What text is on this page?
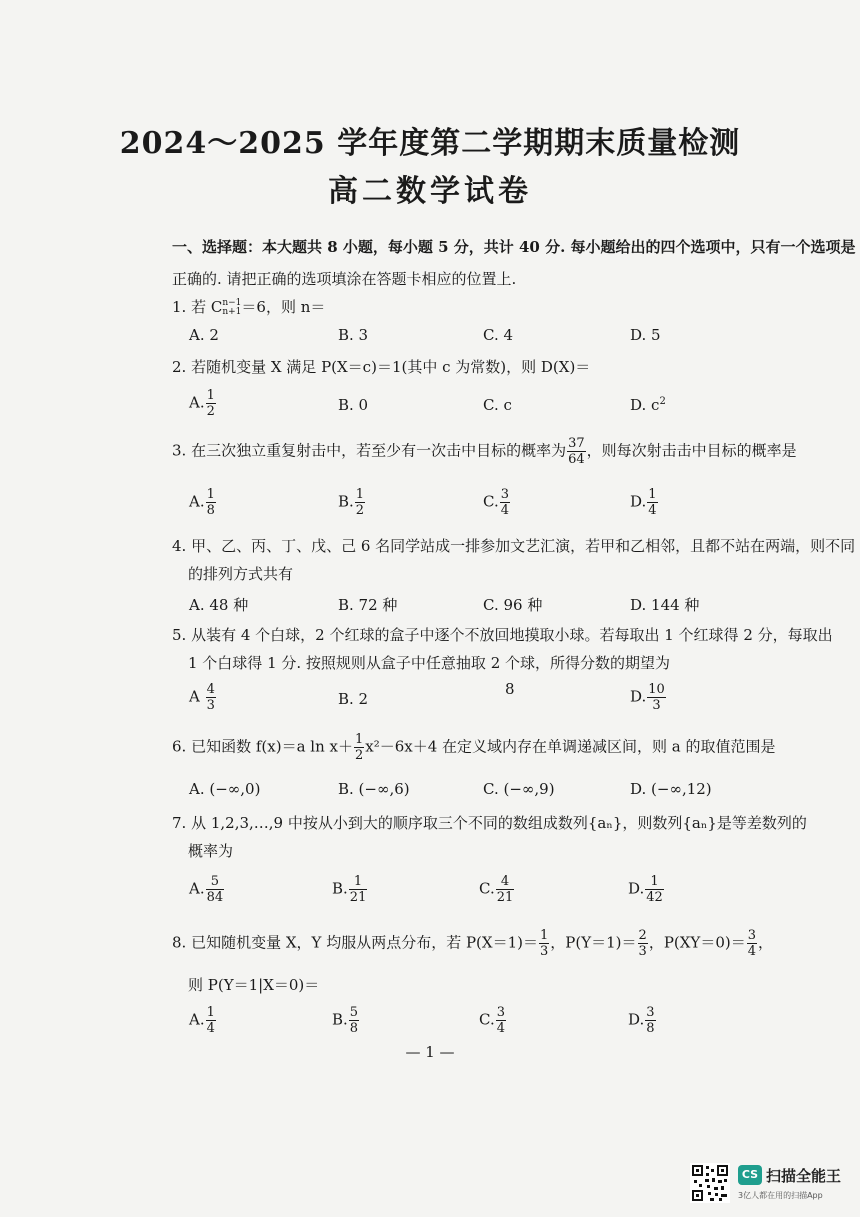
2024～2025 学年度第二学期期末质量检测
高二数学试卷
一、选择题：本大题共 8 小题，每小题 5 分，共计 40 分. 每小题给出的四个选项中，只有一个选项是
正确的. 请把正确的选项填涂在答题卡相应的位置上.
1. 若 C n−1
n+1 ＝6，则 n＝
A. 2	B. 3	C. 4	D. 5
2. 若随机变量 X 满足 P(X＝c)＝1(其中 c 为常数)，则 D(X)＝
A. $\frac{1}{2}$	B. 0	C. c	D. $c^2$
3. 在三次独立重复射击中，若至少有一次击中目标的概率为 $\frac{37}{64}$ ，则每次射击击中目标的概率是
A. $\frac{1}{8}$	B. $\frac{1}{2}$	C. $\frac{3}{4}$	D. $\frac{1}{4}$
4. 甲、乙、丙、丁、戊、己 6 名同学站成一排参加文艺汇演，若甲和乙相邻，且都不站在两端，则不同
的排列方式共有
A. 48 种	B. 72 种	C. 96 种	D. 144 种
5. 从装有 4 个白球，2 个红球的盒子中逐个不放回地摸取小球。若每取出 1 个红球得 2 分，每取出
1 个白球得 1 分. 按照规则从盒子中任意抽取 2 个球，所得分数的期望为
A $\frac{4}{3}$	B. 2
8	D. $\frac{10}{3}$
6. 已知函数 f(x)＝a $\ln x+ \frac{1}{2} x^2-6x+4$ 在定义域内存在单调递减区间，则 a 的取值范围是
A. (−∞,0)	B. (−∞,6)	C. (−∞,9)	D. (−∞,12)
7. 从 1,2,3,…,9 中按从小到大的顺序取三个不同的数组成数列{aₙ}，则数列{aₙ}是等差数列的
概率为
A. $\frac{5}{84}$	B. $\frac{1}{21}$	C. $\frac{4}{21}$	D. $\frac{1}{42}$
8. 已知随机变量 X，Y 均服从两点分布，若 $P(X=1)= \frac{1}{3}$ ，$P(Y=1)= \frac{2}{3}$ ，$P(XY=0)= \frac{3}{4}$ ，
则 P(Y＝1|X＝0)＝
A. $\frac{1}{4}$	B. $\frac{5}{8}$	C. $\frac{3}{4}$	D. $\frac{3}{8}$
— 1 —
CS 扫描全能王
3亿人都在用的扫描App
